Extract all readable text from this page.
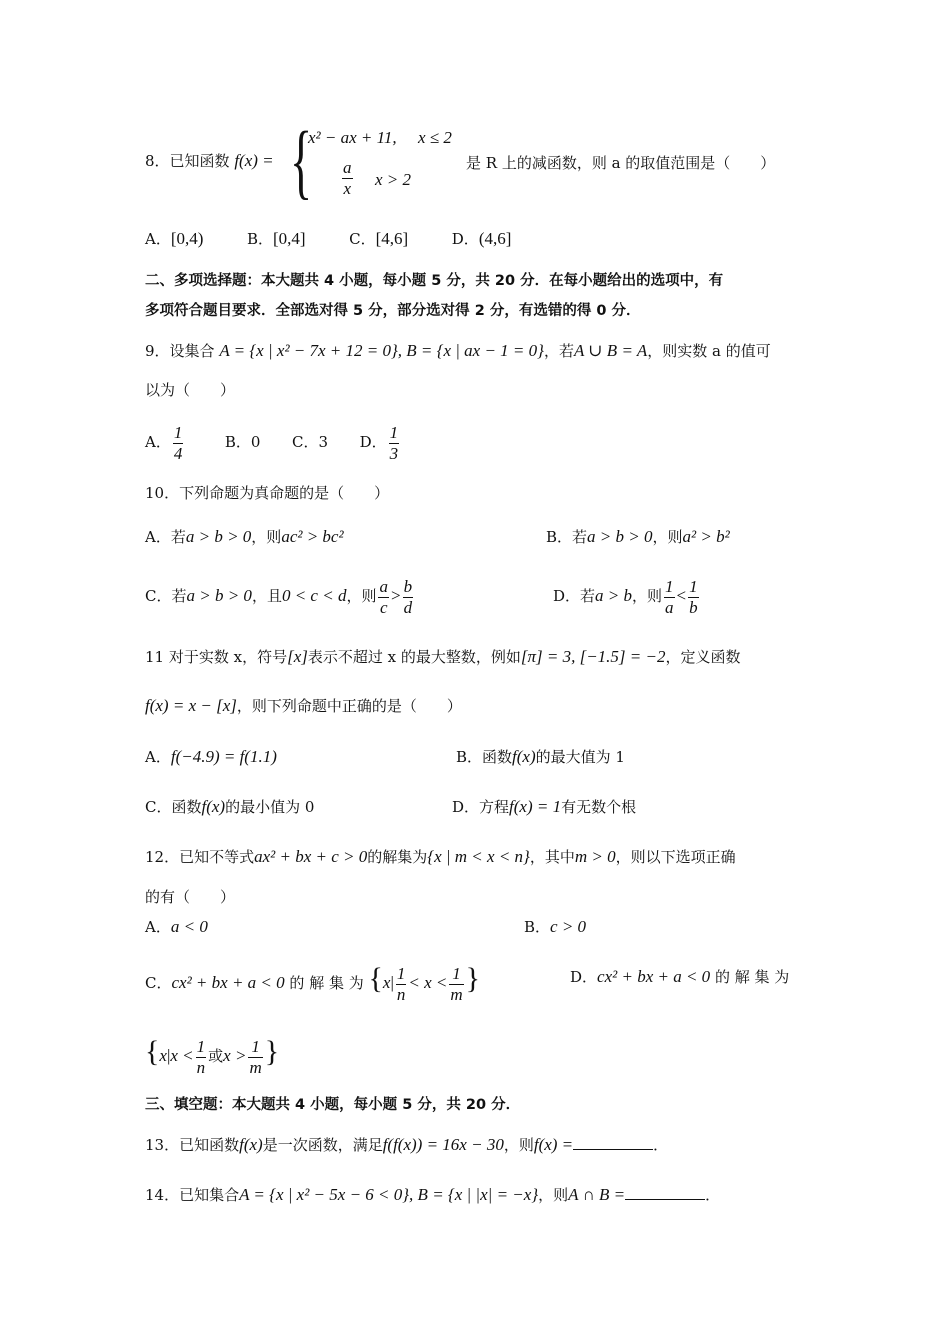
8．已知函数 f(x) = {
x² − ax + 11, x ≤ 2
$\frac{a}{x}$ x > 2
是 R 上的减函数，则 a 的取值范围是（　　）
A．[0,4)	B．[0,4]	C．[4,6]	D．(4,6]
二、多项选择题：本大题共 4 小题，每小题 5 分，共 20 分．在每小题给出的选项中，有
多项符合题目要求．全部选对得 5 分，部分选对得 2 分，有选错的得 0 分．
9．设集合 A = {x | x² − 7x + 12 = 0}, B = {x | ax − 1 = 0}，若A ∪ B = A，则实数 a 的值可
以为（　　）
A． $\frac{1}{4}$	B．0 C．3 D． $\frac{1}{3}$
10．下列命题为真命题的是（　　）
A．若a > b > 0，则ac² > bc²	B．若a > b > 0，则a² > b²
C．若a > b > 0，且0 < c < d，则 $\frac{a}{c} > \frac{b}{d}$	D．若a > b，则 $\frac{1}{a} < \frac{1}{b}$
11 对于实数 x，符号[x]表示不超过 x 的最大整数，例如[π] = 3, [−1.5] = −2，定义函数
f(x) = x − [x]，则下列命题中正确的是（　　）
A．f(−4.9) = f(1.1)	B．函数f(x)的最大值为 1
C．函数f(x)的最小值为 0	D．方程f(x) = 1有无数个根
12．已知不等式ax² + bx + c > 0的解集为{x | m < x < n}，其中m > 0，则以下选项正确
的有（　　）
A．a < 0	B．c > 0
C．cx² + bx + a < 0 的 解 集 为 {$x| \frac{1}{n} < x < \frac{1}{m}$ }	D．cx² + bx + a < 0 的 解 集 为
{$x|x < \frac{1}{n}$ 或$x > \frac{1}{m}$ }
三、填空题：本大题共 4 小题，每小题 5 分，共 20 分．
13．已知函数f(x)是一次函数，满足f(f(x)) = 16x − 30，则f(x) =	．
14．已知集合A = {x | x² − 5x − 6 < 0}, B = {x | |x| = −x}，则A ∩ B =	．
